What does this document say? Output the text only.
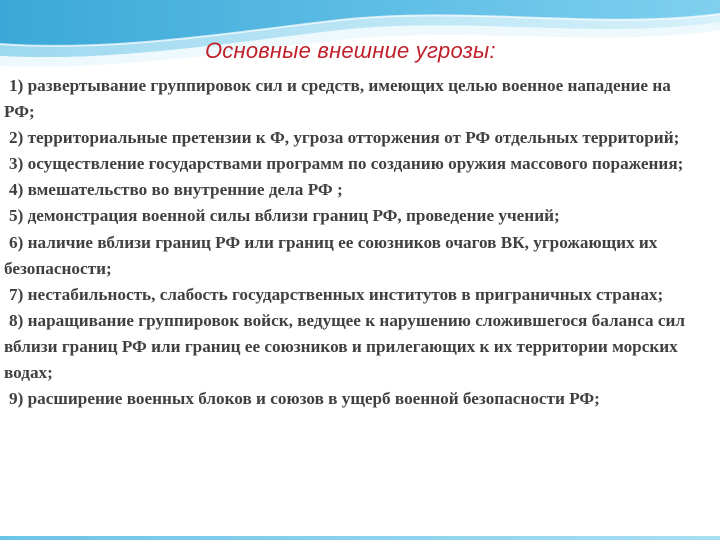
Основные внешние угрозы:
1) развертывание группировок сил и средств, имеющих целью военное нападение на РФ;
2) территориальные претензии к Ф, угроза отторжения от РФ отдельных территорий;
3) осуществление государствами программ по созданию оружия массового поражения;
4) вмешательство во внутренние дела РФ ;
5) демонстрация военной силы вблизи границ РФ, проведение учений;
6) наличие вблизи границ РФ или границ ее союзников очагов ВК, угрожающих их безопасности;
7) нестабильность, слабость государственных институтов в приграничных странах;
8) наращивание группировок войск, ведущее к нарушению сложившегося баланса сил вблизи границ РФ или границ ее союзников и прилегающих к их территории морских водах;
9) расширение военных блоков и союзов в ущерб военной безопасности РФ;
